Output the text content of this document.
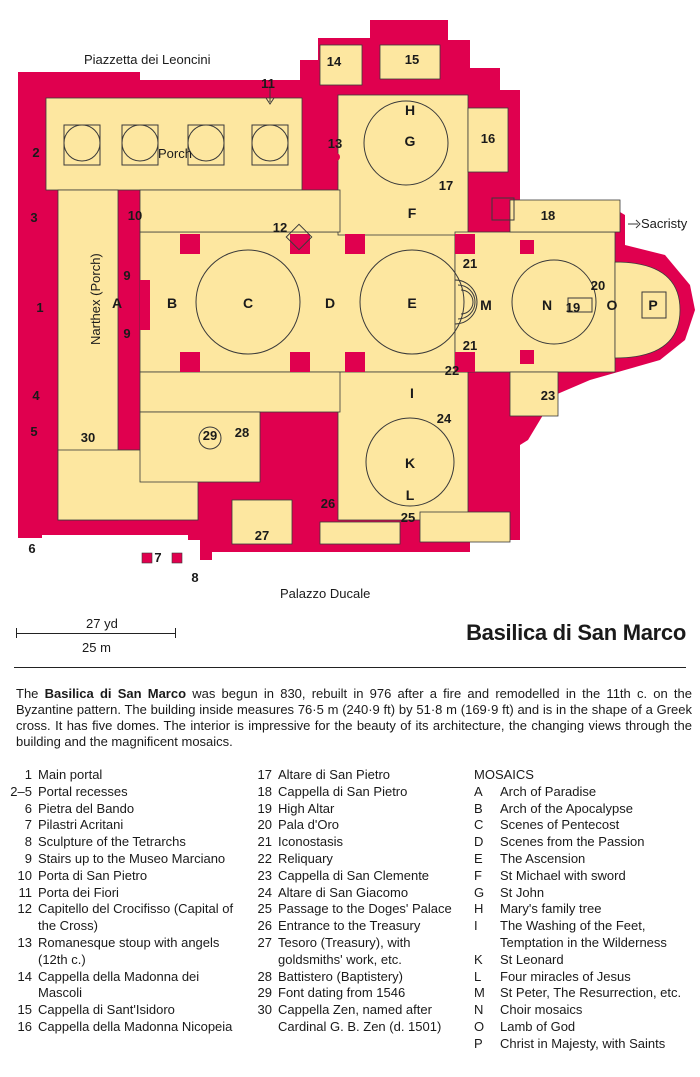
Piazzetta dei Leoncini
Palazzo Ducale
Porch
Sacristy
Narthex (Porch)
1
2
3
4
5
6
7
8
9
9
10
11
12
13
14	15
16
17
18
19
20
21
21
22
23
24
25
26
27
28
29
30
A	B	C	D	E
F
G
H
I
K
L
M	N	O P
27 yd
25 m
Basilica di San Marco
The Basilica di San Marco was begun in 830, rebuilt in 976 after a fire and remodelled in the 11th c. on the Byzantine pattern. The building inside measures 76·5 m (240·9 ft) by 51·8 m (169·9 ft) and is in the shape of a Greek cross. It has five domes. The interior is impressive for the beauty of its architecture, the changing views through the building and the magnificent mosaics.
1 Main portal
2–5 Portal recesses
6 Pietra del Bando
7 Pilastri Acritani
8 Sculpture of the Tetrarchs
9 Stairs up to the Museo Marciano
10 Porta di San Pietro
11 Porta dei Fiori
12 Capitello del Crocifisso (Capital of the Cross)
13 Romanesque stoup with angels (12th c.)
14 Cappella della Madonna dei Mascoli
15 Cappella di Sant'Isidoro
16 Cappella della Madonna Nicopeia
17 Altare di San Pietro
18 Cappella di San Pietro
19 High Altar
20 Pala d'Oro
21 Iconostasis
22 Reliquary
23 Cappella di San Clemente
24 Altare di San Giacomo
25 Passage to the Doges' Palace
26 Entrance to the Treasury
27 Tesoro (Treasury), with goldsmiths' work, etc.
28 Battistero (Baptistery)
29 Font dating from 1546
30 Cappella Zen, named after Cardinal G. B. Zen (d. 1501)
MOSAICS
A	Arch of Paradise
B	Arch of the Apocalypse
C	Scenes of Pentecost
D	Scenes from the Passion
E	The Ascension
F	St Michael with sword
G	St John
H	Mary's family tree
I	The Washing of the Feet, Temptation in the Wilderness
K	St Leonard
L	Four miracles of Jesus
M	St Peter, The Resurrection, etc.
N	Choir mosaics
O	Lamb of God
P	Christ in Majesty, with Saints
